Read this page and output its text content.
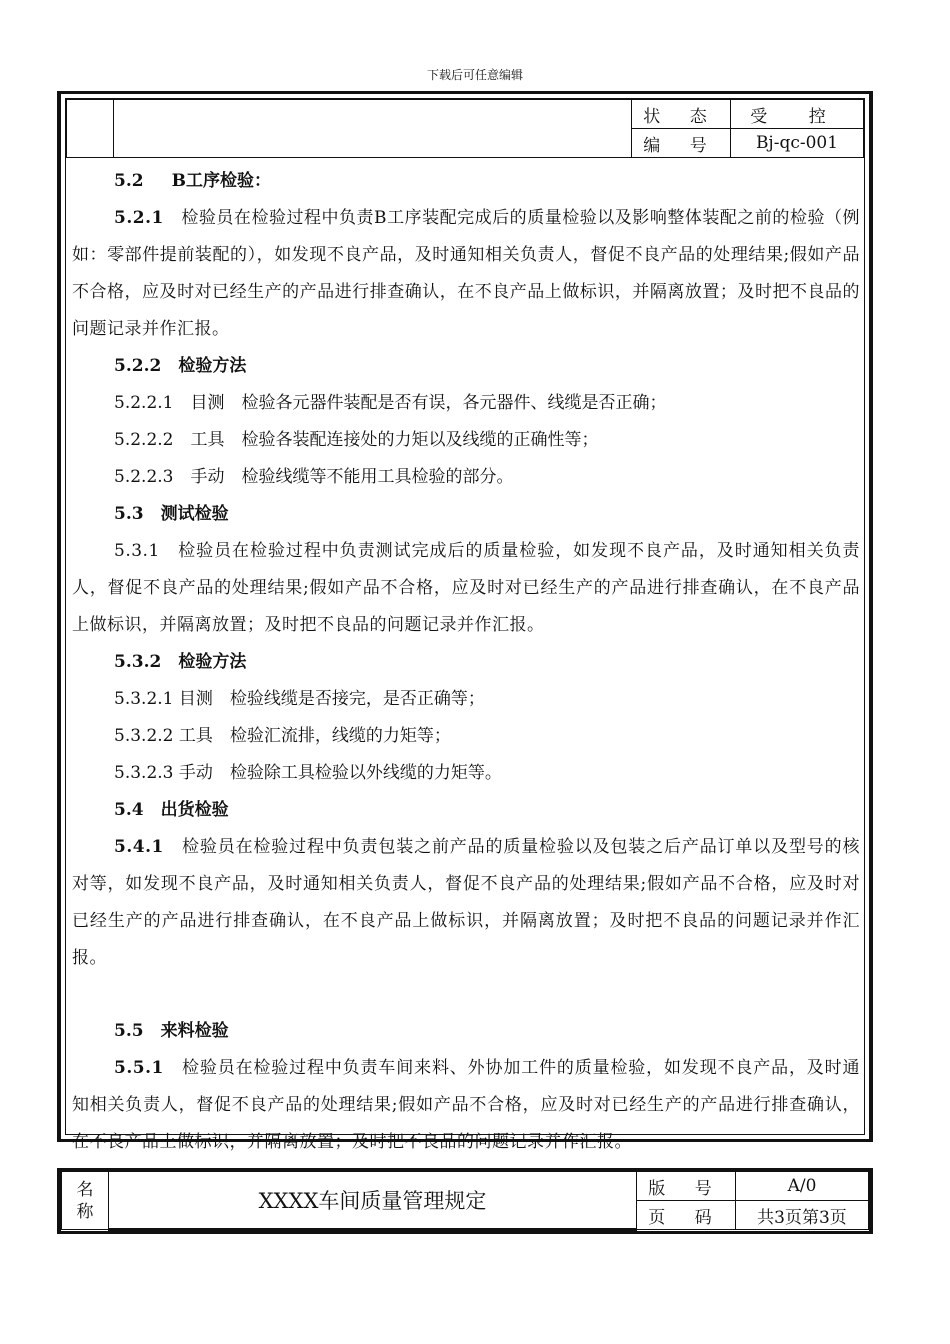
下载后可任意编辑
		状 态	受 控
		编 号	Bj-qc-001

5.2 B工序检验：

5.2.1　 检验员在检验过程中负责B工序装配完成后的质量检验以及影响整体装配之前的检验（例如：零部件提前装配的），如发现不良产品，及时通知相关负责人，督促不良产品的处理结果;假如产品不合格，应及时对已经生产的产品进行排查确认，在不良产品上做标识，并隔离放置；及时把不良品的问题记录并作汇报。

5.2.2　 检验方法

5.2.2.1　目测　检验各元器件装配是否有误，各元器件、线缆是否正确；

5.2.2.2　工具　检验各装配连接处的力矩以及线缆的正确性等；

5.2.2.3　手动　检验线缆等不能用工具检验的部分。

5.3　 测试检验

5.3.1　检验员在检验过程中负责测试完成后的质量检验，如发现不良产品，及时通知相关负责人，督促不良产品的处理结果;假如产品不合格，应及时对已经生产的产品进行排查确认，在不良产品上做标识，并隔离放置；及时把不良品的问题记录并作汇报。

5.3.2　 检验方法

5.3.2.1 目测　检验线缆是否接完，是否正确等；

5.3.2.2 工具　检验汇流排，线缆的力矩等；

5.3.2.3 手动　检验除工具检验以外线缆的力矩等。

5.4　 出货检验

5.4.1　 检验员在检验过程中负责包装之前产品的质量检验以及包装之后产品订单以及型号的核对等，如发现不良产品，及时通知相关负责人，督促不良产品的处理结果;假如产品不合格，应及时对已经生产的产品进行排查确认，在不良产品上做标识，并隔离放置；及时把不良品的问题记录并作汇报。

5.5　 来料检验

5.5.1　 检验员在检验过程中负责车间来料、外协加工件的质量检验，如发现不良产品，及时通知相关负责人，督促不良产品的处理结果;假如产品不合格，应及时对已经生产的产品进行排查确认，在不良产品上做标识，并隔离放置；及时把不良品的问题记录并作汇报。

名
称	XXXX车间质量管理规定	版 号	A/0
		页 码	共3页第3页
